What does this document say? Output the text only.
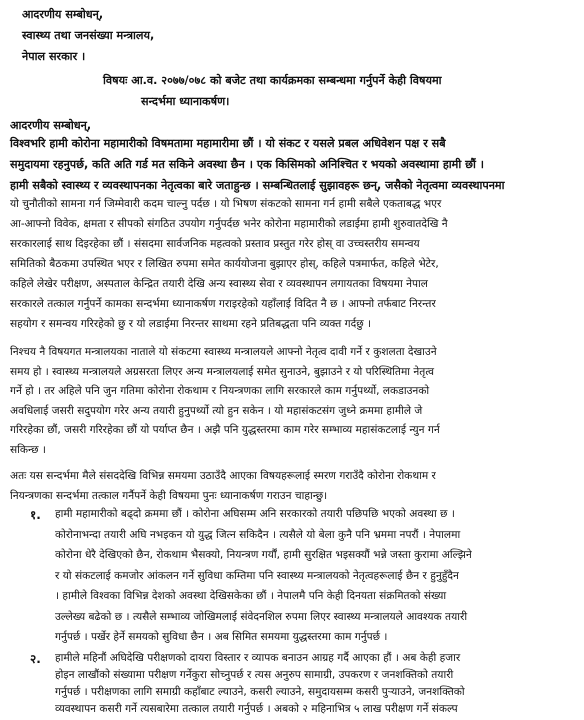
आदरणीय सम्बोधन्,
स्वास्थ्य तथा जनसंख्या मन्त्रालय,
नेपाल सरकार ।
विषयः आ.व. २०७७/०७८ को बजेट तथा कार्यक्रमका सम्बन्धमा गर्नुपर्ने केही विषयमा
सन्दर्भमा ध्यानाकर्षण।
आदरणीय सम्बोधन्,
विश्वभरि हामी कोरोना महामारीको विषमतामा महामारीमा छौं । यो संकट र यसले प्रबल अधिवेशन पक्ष र सबै
समुदायमा रहनुपर्छ, कति अति गर्ड मत सकिने अवस्था छैन । एक किसिमको अनिश्चित र भयको अवस्थामा हामी छौं ।
हामी सबैको स्वास्थ्य र व्यवस्थापनका नेतृत्वका बारे जताहुन्छ । सम्बन्धितलाई सुझावहरू छन्, जसैको नेतृत्वमा व्यवस्थापनमा
यो चुनौतीको सामना गर्न जिम्मेवारी कदम चाल्नु पर्दछ । यो भिषण संकटको सामना गर्न हामी सबैले एकताबद्ध भएर
आ-आफ्नो विवेक, क्षमता र सीपको संगठित उपयोग गर्नुपर्दछ भनेर कोरोना महामारीको लडाईमा हामी शुरुवातदेखि नै
सरकारलाई साथ दिइरहेका छौं । संसदमा सार्वजनिक महत्वको प्रस्ताव प्रस्तुत गरेर होस् वा उच्चस्तरीय समन्वय
समितिको बैठकमा उपस्थित भएर र लिखित रुपमा समेत कार्ययोजना बुझाएर होस्, कहिले पत्रमार्फत, कहिले भेटेर,
कहिले लेखेर परीक्षण, अस्पताल केन्द्रित तयारी देखि अन्य स्वास्थ्य सेवा र व्यवस्थापन लगायतका विषयमा नेपाल
सरकारले तत्काल गर्नुपर्ने कामका सन्दर्भमा ध्यानाकर्षण गराइरहेको यहाँलाई विदित नै छ । आफ्नो तर्फबाट निरन्तर
सहयोग र समन्वय गरिरहेको छु र यो लडाईमा निरन्तर साथमा रहने प्रतिबद्धता पनि व्यक्त गर्दछु ।
निश्चय नै विषयगत मन्त्रालयका नाताले यो संकटमा स्वास्थ्य मन्त्रालयले आफ्नो नेतृत्व दावी गर्ने र कुशलता देखाउने
समय हो । स्वास्थ्य मन्त्रालयले अग्रसरता लिएर अन्य मन्त्रालयलाई समेत सुनाउने, बुझाउने र यो परिस्थितिमा नेतृत्व
गर्ने हो । तर अहिले पनि जुन गतिमा कोरोना रोकथाम र नियन्त्रणका लागि सरकारले काम गर्नुपर्थ्यो, लकडाउनको
अवधिलाई जसरी सदुपयोग गरेर अन्य तयारी हुनुपर्थ्यो त्यो हुन सकेन । यो महासंकटसंग जुध्ने क्रममा हामीले जे
गरिरहेका छौं, जसरी गरिरहेका छौं यो पर्याप्त छैन । अझै पनि युद्धस्तरमा काम गरेर सम्भाव्य महासंकटलाई न्युन गर्न
सकिन्छ ।
अतः यस सन्दर्भमा मैले संसददेखि विभिन्न समयमा उठाउँदै आएका विषयहरूलाई स्मरण गराउँदै कोरोना रोकथाम र
नियन्त्रणका सन्दर्भमा तत्काल गर्नैपर्ने केही विषयमा पुनः ध्यानाकर्षण गराउन चाहान्छु।
१. हामी महामारीको बढ्दो क्रममा छौं । कोरोना अघिसम्म अनि सरकारको तयारी पछिपछि भएको अवस्था छ ।
कोरोनाभन्दा तयारी अघि नभइकन यो युद्ध जित्न सकिदैन । त्यसैले यो बेला कुनै पनि भ्रममा नपरौं । नेपालमा
कोरोना धेरै देखिएको छैन, रोकथाम भैसक्यो, नियन्त्रण गर्यौं, हामी सुरक्षित भइसक्यौं भन्ने जस्ता कुरामा अल्झिने
र यो संकटलाई कमजोर आंकलन गर्ने सुविधा कम्तिमा पनि स्वास्थ्य मन्त्रालयको नेतृत्वहरूलाई छैन र हुनुहुँदैन
। हामीले विश्वका विभिन्न देशको अवस्था देखिसकेका छौं । नेपालमै पनि केही दिनयता संक्रमितको संख्या
उल्लेख्य बढेको छ । त्यसैले सम्भाव्य जोखिमलाई संवेदनशिल रुपमा लिएर स्वास्थ्य मन्त्रालयले आवश्यक तयारी
गर्नुपर्छ । पर्खेर हेर्ने समयको सुविधा छैन । अब सिमित समयमा युद्धस्तरमा काम गर्नुपर्छ ।
२. हामीले महिनौं अघिदेखि परीक्षणको दायरा विस्तार र व्यापक बनाउन आग्रह गर्दै आएका हौं । अब केही हजार
होइन लाखौंको संख्यामा परीक्षण गर्नेकुरा सोच्नुपर्छ र त्यस अनुरुप सामाग्री, उपकरण र जनशक्तिको तयारी
गर्नुपर्छ । परीक्षणका लागि समाग्री कहाँबाट ल्याउने, कसरी ल्याउने, समुदायसम्म कसरी पुऱ्याउने, जनशक्तिको
व्यवस्थापन कसरी गर्ने त्यसबारेमा तत्काल तयारी गर्नुपर्छ । अबको २ महिनाभित्र ५ लाख परीक्षण गर्ने संकल्प
